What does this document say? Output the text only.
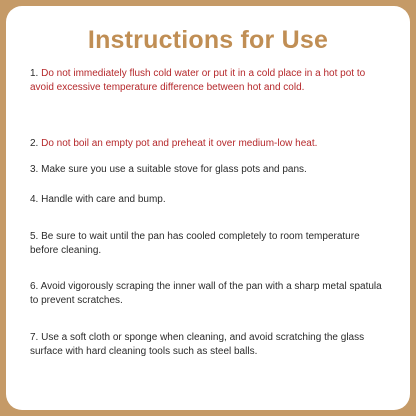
Instructions for Use

1. Do not immediately flush cold water or put it in a cold place in a hot pot to avoid excessive temperature difference between hot and cold.

2. Do not boil an empty pot and preheat it over medium-low heat.

3. Make sure you use a suitable stove for glass pots and pans.

4. Handle with care and bump.

5. Be sure to wait until the pan has cooled completely to room temperature before cleaning.

6. Avoid vigorously scraping the inner wall of the pan with a sharp metal spatula to prevent scratches.

7. Use a soft cloth or sponge when cleaning, and avoid scratching the glass surface with hard cleaning tools such as steel balls.
